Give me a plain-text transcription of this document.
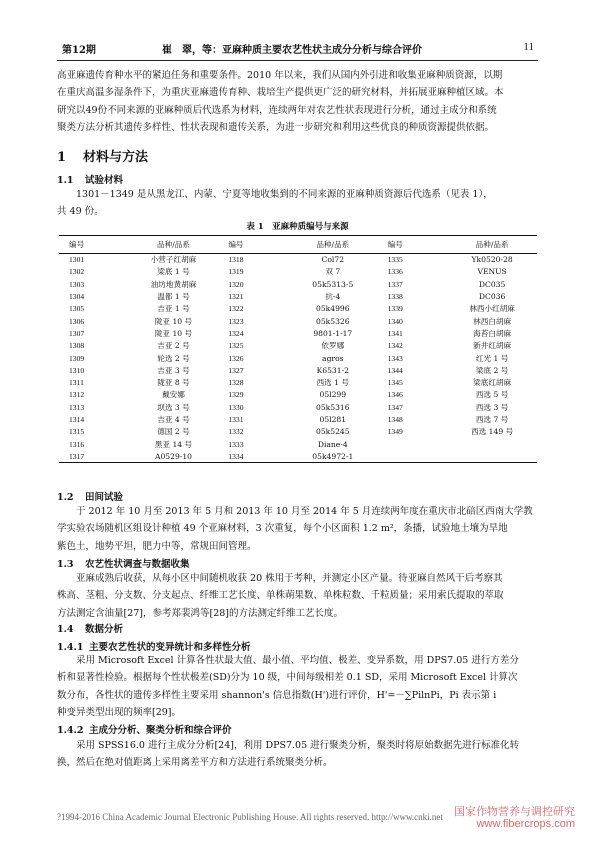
第12期	崔　翠，等：亚麻种质主要农艺性状主成分分析与综合评价	11
高亚麻遗传育种水平的紧迫任务和重要条件。2010 年以来，我们从国内外引进和收集亚麻种质资源，以期
在重庆高温多湿条件下，为重庆亚麻遗传育种、栽培生产提供更广泛的研究材料，并拓展亚麻种植区域。本
研究以49份不同来源的亚麻种质后代选系为材料，连续两年对农艺性状表现进行分析，通过主成分和系统
聚类方法分析其遗传多样性、性状表现和遗传关系，为进一步研究和利用这些优良的种质资源提供依据。
1 材料与方法
1.1 试验材料
　　1301－1349 是从黑龙江、内蒙、宁夏等地收集到的不同来源的亚麻种质资源后代选系（见表 1），
共 49 份。
表 1　亚麻种质编号与来源
编号	品种/品系	编号	品种/品系	编号	品种/品系
1301	小营子红胡麻	1318	Col72	1335	Yk0520-28
1302	梁底 1 号	1319	双 7	1336	VENUS
1303	油坊地黄胡麻	1320	05k5313-5	1337	DC035
1304	温都 1 号	1321	抗-4	1338	DC036
1305	吉亚 1 号	1322	05k4996	1339	林西小红胡麻
1306	陇亚 10 号	1323	05k5326	1340	林西白胡麻
1307	陇亚 10 号	1324	9801-1-17	1341	海苔白胡麻
1308	吉亚 2 号	1325	依罗娜	1342	新井红胡麻
1309	轮选 2 号	1326	agros	1343	红光 1 号
1310	吉亚 3 号	1327	K6531-2	1344	梁底 2 号
1311	陇亚 8 号	1328	西选 1 号	1345	梁底红胡麻
1312	戴安娜	1329	05l299	1346	西选 5 号
1313	坝选 3 号	1330	05k5316	1347	西选 3 号
1314	吉亚 4 号	1331	05l281	1348	西选 7 号
1315	德国 2 号	1332	05k5245	1349	西选 149 号
1316	黑亚 14 号	1333	Diane-4		
1317	A0529-10	1334	05k4972-1		
1.2 田间试验
　　于 2012 年 10 月至 2013 年 5 月和 2013 年 10 月至 2014 年 5 月连续两年度在重庆市北碚区西南大学教
学实验农场随机区组设计种植 49 个亚麻材料，3 次重复，每个小区面积 1.2 m²，条播，试验地土壤为旱地
紫色土，地势平坦，肥力中等，常规田间管理。
1.3 农艺性状调查与数据收集
　　亚麻成熟后收获，从每小区中间随机收获 20 株用于考种，并测定小区产量。待亚麻自然风干后考察其
株高、茎粗、分支数、分支起点、纤维工艺长度、单株蒴果数、单株粒数、千粒质量；采用索氏提取的萃取
方法测定含油量[27]，参考郑裴鸿等[28]的方法测定纤维工艺长度。
1.4 数据分析
1.4.1 主要农艺性状的变异统计和多样性分析
　　采用 Microsoft Excel 计算各性状最大值、最小值、平均值、极差、变异系数，用 DPS7.05 进行方差分
析和显著性检验。根据每个性状极差(SD)分为 10 级，中间每级相差 0.1 SD，采用 Microsoft Excel 计算次
数分布，各性状的遗传多样性主要采用 shannon's 信息指数(H')进行评价，H'=－∑PilnPi，Pi 表示第 i
种变异类型出现的频率[29]。
1.4.2 主成分分析、聚类分析和综合评价
　　采用 SPSS16.0 进行主成分分析[24]，利用 DPS7.05 进行聚类分析，聚类时将原始数据先进行标准化转
换，然后在绝对值距离上采用离差平方和方法进行系统聚类分析。
?1994-2016 China Academic Journal Electronic Publishing House. All rights reserved. http://www.cnki.net 国家作物营养与调控研究
www.fibercrops.com
